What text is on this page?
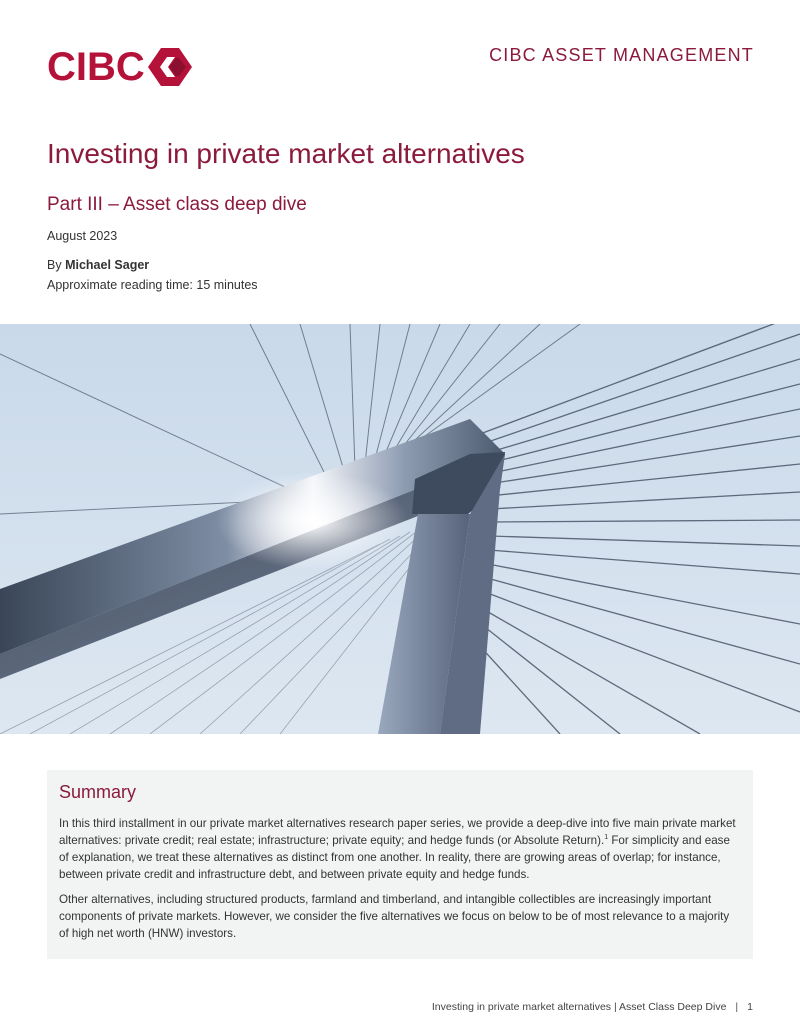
CIBC	CIBC ASSET MANAGEMENT
Investing in private market alternatives
Part III – Asset class deep dive
August 2023
By Michael Sager
Approximate reading time: 15 minutes
Summary

In this third installment in our private market alternatives research paper series, we provide a deep-dive into five main private market alternatives: private credit; real estate; infrastructure; private equity; and hedge funds (or Absolute Return).$^1$ For simplicity and ease of explanation, we treat these alternatives as distinct from one another. In reality, there are growing areas of overlap; for instance, between private credit and infrastructure debt, and between private equity and hedge funds.

Other alternatives, including structured products, farmland and timberland, and intangible collectibles are increasingly important components of private markets. However, we consider the five alternatives we focus on below to be of most relevance to a majority of high net worth (HNW) investors.

Investing in private market alternatives | Asset Class Deep Dive | 1
